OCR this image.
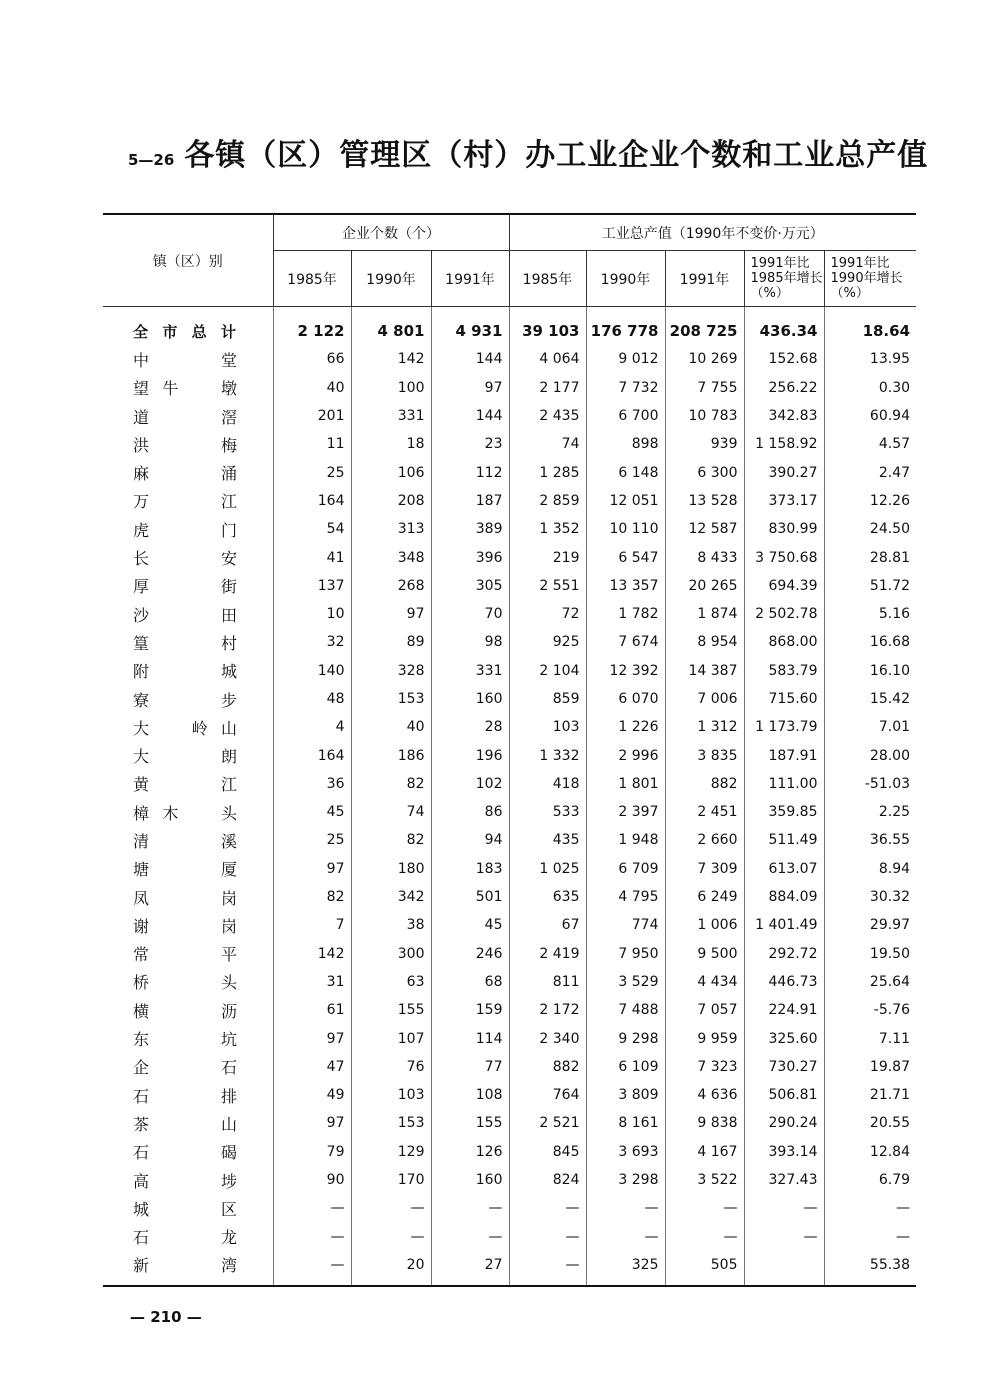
5—26 各镇（区）管理区（村）办工业企业个数和工业总产值
镇（区）别	企业个数（个）			工业总产值（1990年不变价·万元）				
	1985年	1990年	1991年	1985年	1990年	1991年	1991年比1985年增长（%）	1991年比1990年增长（%）

全 市 总 计	2 122	4 801	4 931	39 103	176 778	208 725	436.34	18.64

中 堂	66	142	144	4 064	9 012	10 269	152.68	13.95

望 牛 墩	40	100	97	2 177	7 732	7 755	256.22	0.30

道 滘	201	331	144	2 435	6 700	10 783	342.83	60.94

洪 梅	11	18	23	74	898	939	1 158.92	4.57

麻 涌	25	106	112	1 285	6 148	6 300	390.27	2.47

万 江	164	208	187	2 859	12 051	13 528	373.17	12.26

虎 门	54	313	389	1 352	10 110	12 587	830.99	24.50

长 安	41	348	396	219	6 547	8 433	3 750.68	28.81

厚 街	137	268	305	2 551	13 357	20 265	694.39	51.72

沙 田	10	97	70	72	1 782	1 874	2 502.78	5.16

篁 村	32	89	98	925	7 674	8 954	868.00	16.68

附 城	140	328	331	2 104	12 392	14 387	583.79	16.10

寮 步	48	153	160	859	6 070	7 006	715.60	15.42

大 岭 山	4	40	28	103	1 226	1 312	1 173.79	7.01

大 朗	164	186	196	1 332	2 996	3 835	187.91	28.00

黄 江	36	82	102	418	1 801	882	111.00	-51.03

樟 木 头	45	74	86	533	2 397	2 451	359.85	2.25

清 溪	25	82	94	435	1 948	2 660	511.49	36.55

塘 厦	97	180	183	1 025	6 709	7 309	613.07	8.94

凤 岗	82	342	501	635	4 795	6 249	884.09	30.32

谢 岗	7	38	45	67	774	1 006	1 401.49	29.97

常 平	142	300	246	2 419	7 950	9 500	292.72	19.50

桥 头	31	63	68	811	3 529	4 434	446.73	25.64

横 沥	61	155	159	2 172	7 488	7 057	224.91	-5.76

东 坑	97	107	114	2 340	9 298	9 959	325.60	7.11

企 石	47	76	77	882	6 109	7 323	730.27	19.87

石 排	49	103	108	764	3 809	4 636	506.81	21.71

茶 山	97	153	155	2 521	8 161	9 838	290.24	20.55

石 碣	79	129	126	845	3 693	4 167	393.14	12.84

高 埗	90	170	160	824	3 298	3 522	327.43	6.79

城 区	—	—	—	—	—	—	—	—

石 龙	—	—	—	—	—	—	—	—

新 湾	—	20	27	—	325	505		55.38
— 210 —
